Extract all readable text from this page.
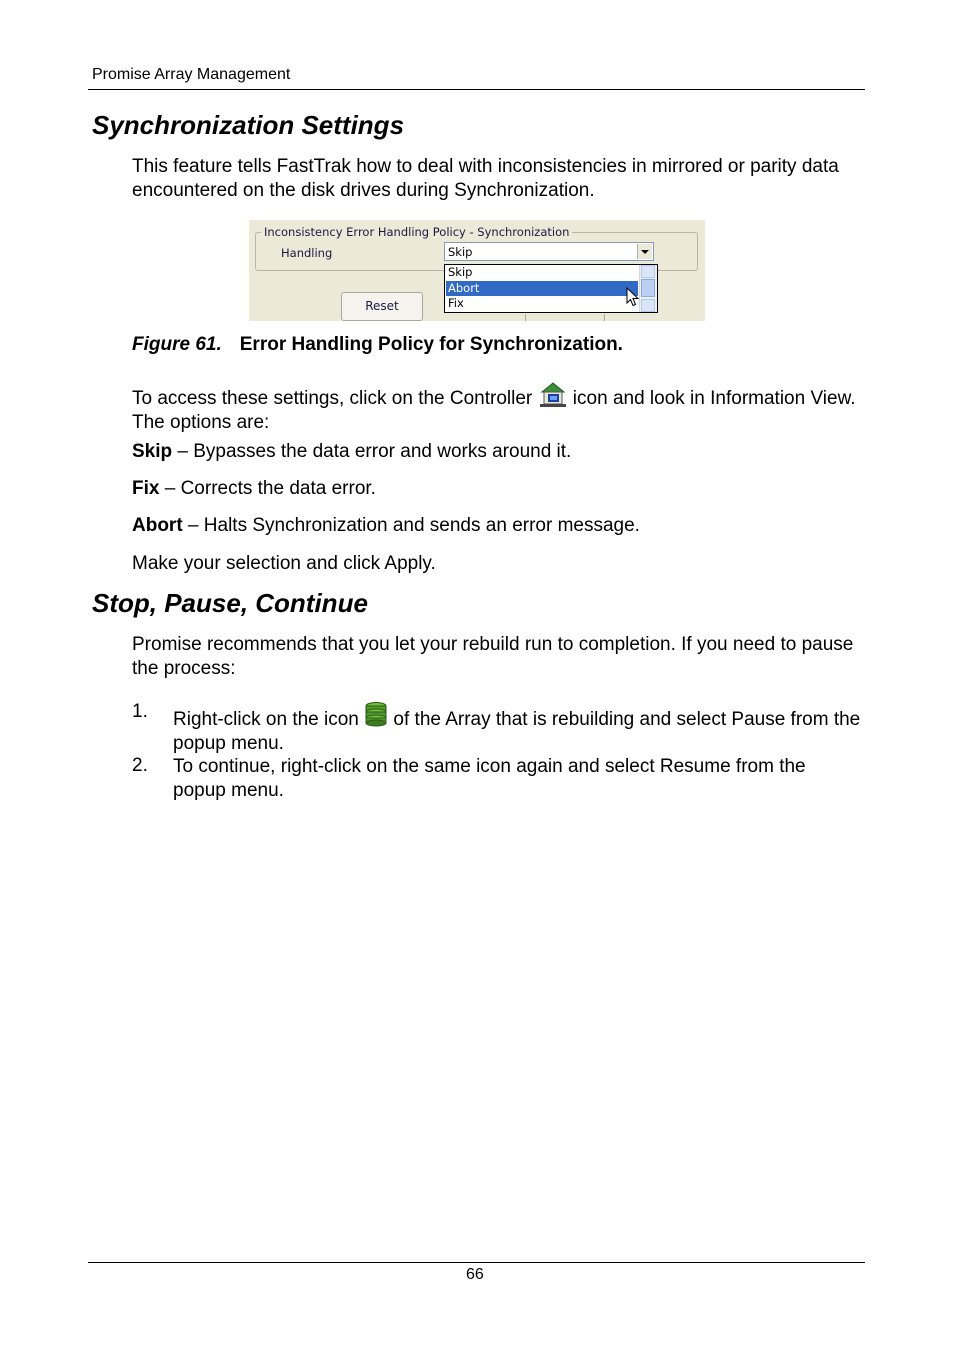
Promise Array Management
Synchronization Settings
This feature tells FastTrak how to deal with inconsistencies in mirrored or parity data encountered on the disk drives during Synchronization.
Inconsistency Error Handling Policy - Synchronization
Handling	Skip
Skip
Abort
Fix
Reset
Figure 61. Error Handling Policy for Synchronization.
To access these settings, click on the Controller  icon and look in Information View. The options are:
Skip – Bypasses the data error and works around it.
Fix – Corrects the data error.
Abort – Halts Synchronization and sends an error message.
Make your selection and click Apply.
Stop, Pause, Continue
Promise recommends that you let your rebuild run to completion. If you need to pause the process:
1. Right-click on the icon  of the Array that is rebuilding and select Pause from the popup menu.
2. To continue, right-click on the same icon again and select Resume from the popup menu.
66
